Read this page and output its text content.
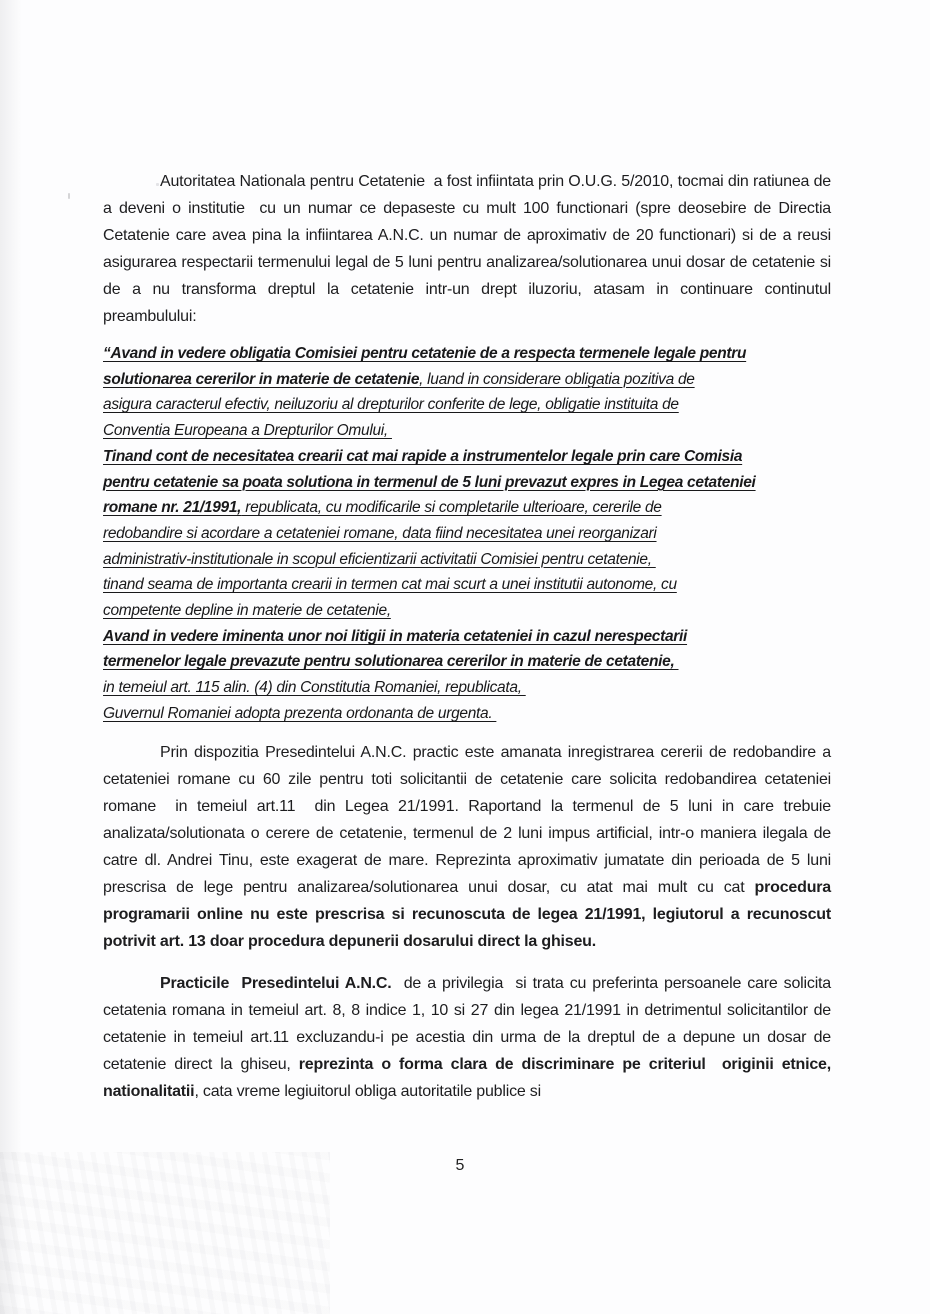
Autoritatea Nationala pentru Cetatenie  a fost infiintata prin O.U.G. 5/2010, tocmai din ratiunea de a deveni o institutie  cu un numar ce depaseste cu mult 100 functionari (spre deosebire de Directia Cetatenie care avea pina la infiintarea A.N.C. un numar de aproximativ de 20 functionari) si de a reusi asigurarea respectarii termenului legal de 5 luni pentru analizarea/solutionarea unui dosar de cetatenie si de a nu transforma dreptul la cetatenie intr-un drept iluzoriu, atasam in continuare continutul preambulului:

“Avand in vedere obligatia Comisiei pentru cetatenie de a respecta termenele legale pentru
solutionarea cererilor in materie de cetatenie, luand in considerare obligatia pozitiva de
asigura caracterul efectiv, neiluzoriu al drepturilor conferite de lege, obligatie instituita de
Conventia Europeana a Drepturilor Omului,
Tinand cont de necesitatea crearii cat mai rapide a instrumentelor legale prin care Comisia
pentru cetatenie sa poata solutiona in termenul de 5 luni prevazut expres in Legea cetateniei
romane nr. 21/1991, republicata, cu modificarile si completarile ulterioare, cererile de
redobandire si acordare a cetateniei romane, data fiind necesitatea unei reorganizari
administrativ-institutionale in scopul eficientizarii activitatii Comisiei pentru cetatenie,
tinand seama de importanta crearii in termen cat mai scurt a unei institutii autonome, cu
competente depline in materie de cetatenie,
Avand in vedere iminenta unor noi litigii in materia cetateniei in cazul nerespectarii
termenelor legale prevazute pentru solutionarea cererilor in materie de cetatenie,
in temeiul art. 115 alin. (4) din Constitutia Romaniei, republicata,
Guvernul Romaniei adopta prezenta ordonanta de urgenta.

Prin dispozitia Presedintelui A.N.C. practic este amanata inregistrarea cererii de redobandire a cetateniei romane cu 60 zile pentru toti solicitantii de cetatenie care solicita redobandirea cetateniei romane  in temeiul art.11  din Legea 21/1991. Raportand la termenul de 5 luni in care trebuie analizata/solutionata o cerere de cetatenie, termenul de 2 luni impus artificial, intr-o maniera ilegala de catre dl. Andrei Tinu, este exagerat de mare. Reprezinta aproximativ jumatate din perioada de 5 luni prescrisa de lege pentru analizarea/solutionarea unui dosar, cu atat mai mult cu cat procedura programarii online nu este prescrisa si recunoscuta de legea 21/1991, legiutorul a recunoscut potrivit art. 13 doar procedura depunerii dosarului direct la ghiseu.

Practicile  Presedintelui A.N.C.  de a privilegia  si trata cu preferinta persoanele care solicita cetatenia romana in temeiul art. 8, 8 indice 1, 10 si 27 din legea 21/1991 in detrimentul solicitantilor de cetatenie in temeiul art.11 excluzandu-i pe acestia din urma de la dreptul de a depune un dosar de cetatenie direct la ghiseu, reprezinta o forma clara de discriminare pe criteriul  originii etnice, nationalitatii, cata vreme legiuitorul obliga autoritatile publice si

5
